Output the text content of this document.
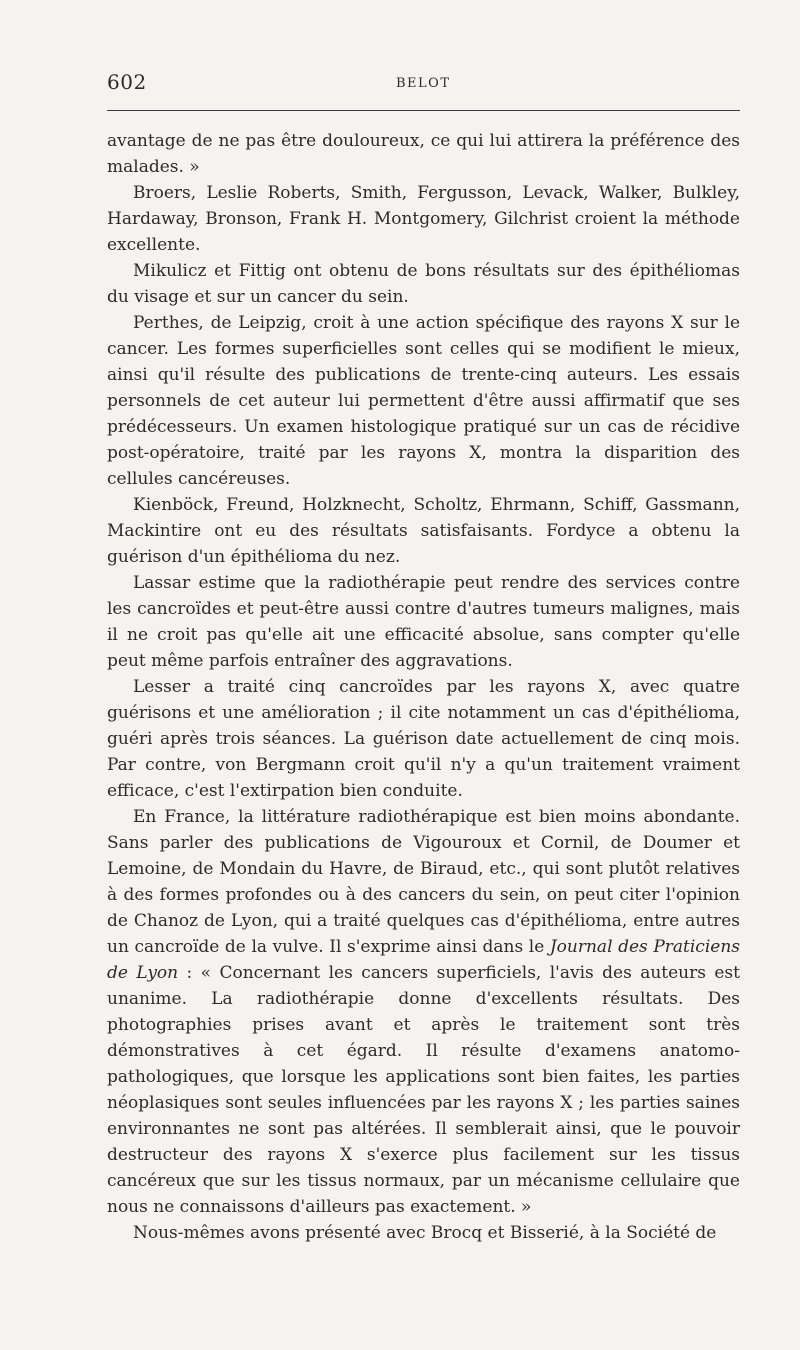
602	BELOT

avantage de ne pas être douloureux, ce qui lui attirera la préférence des malades. »

Broers, Leslie Roberts, Smith, Fergusson, Levack, Walker, Bulkley, Hardaway, Bronson, Frank H. Montgomery, Gilchrist croient la méthode excellente.

Mikulicz et Fittig ont obtenu de bons résultats sur des épithéliomas du visage et sur un cancer du sein.

Perthes, de Leipzig, croit à une action spécifique des rayons X sur le cancer. Les formes superficielles sont celles qui se modifient le mieux, ainsi qu'il résulte des publications de trente-cinq auteurs. Les essais personnels de cet auteur lui permettent d'être aussi affirmatif que ses prédécesseurs. Un examen histologique pratiqué sur un cas de récidive post-opératoire, traité par les rayons X, montra la disparition des cellules cancéreuses.

Kienböck, Freund, Holzknecht, Scholtz, Ehrmann, Schiff, Gassmann, Mackintire ont eu des résultats satisfaisants. Fordyce a obtenu la guérison d'un épithélioma du nez.

Lassar estime que la radiothérapie peut rendre des services contre les cancroïdes et peut-être aussi contre d'autres tumeurs malignes, mais il ne croit pas qu'elle ait une efficacité absolue, sans compter qu'elle peut même parfois entraîner des aggravations.

Lesser a traité cinq cancroïdes par les rayons X, avec quatre guérisons et une amélioration ; il cite notamment un cas d'épithélioma, guéri après trois séances. La guérison date actuellement de cinq mois. Par contre, von Bergmann croit qu'il n'y a qu'un traitement vraiment efficace, c'est l'extirpation bien conduite.

En France, la littérature radiothérapique est bien moins abondante. Sans parler des publications de Vigouroux et Cornil, de Doumer et Lemoine, de Mondain du Havre, de Biraud, etc., qui sont plutôt relatives à des formes profondes ou à des cancers du sein, on peut citer l'opinion de Chanoz de Lyon, qui a traité quelques cas d'épithélioma, entre autres un cancroïde de la vulve. Il s'exprime ainsi dans le Journal des Praticiens de Lyon : « Concernant les cancers superficiels, l'avis des auteurs est unanime. La radiothérapie donne d'excellents résultats. Des photographies prises avant et après le traitement sont très démonstratives à cet égard. Il résulte d'examens anatomo-pathologiques, que lorsque les applications sont bien faites, les parties néoplasiques sont seules influencées par les rayons X ; les parties saines environnantes ne sont pas altérées. Il semblerait ainsi, que le pouvoir destructeur des rayons X s'exerce plus facilement sur les tissus cancéreux que sur les tissus normaux, par un mécanisme cellulaire que nous ne connaissons d'ailleurs pas exactement. »

Nous-mêmes avons présenté avec Brocq et Bisserié, à la Société de
